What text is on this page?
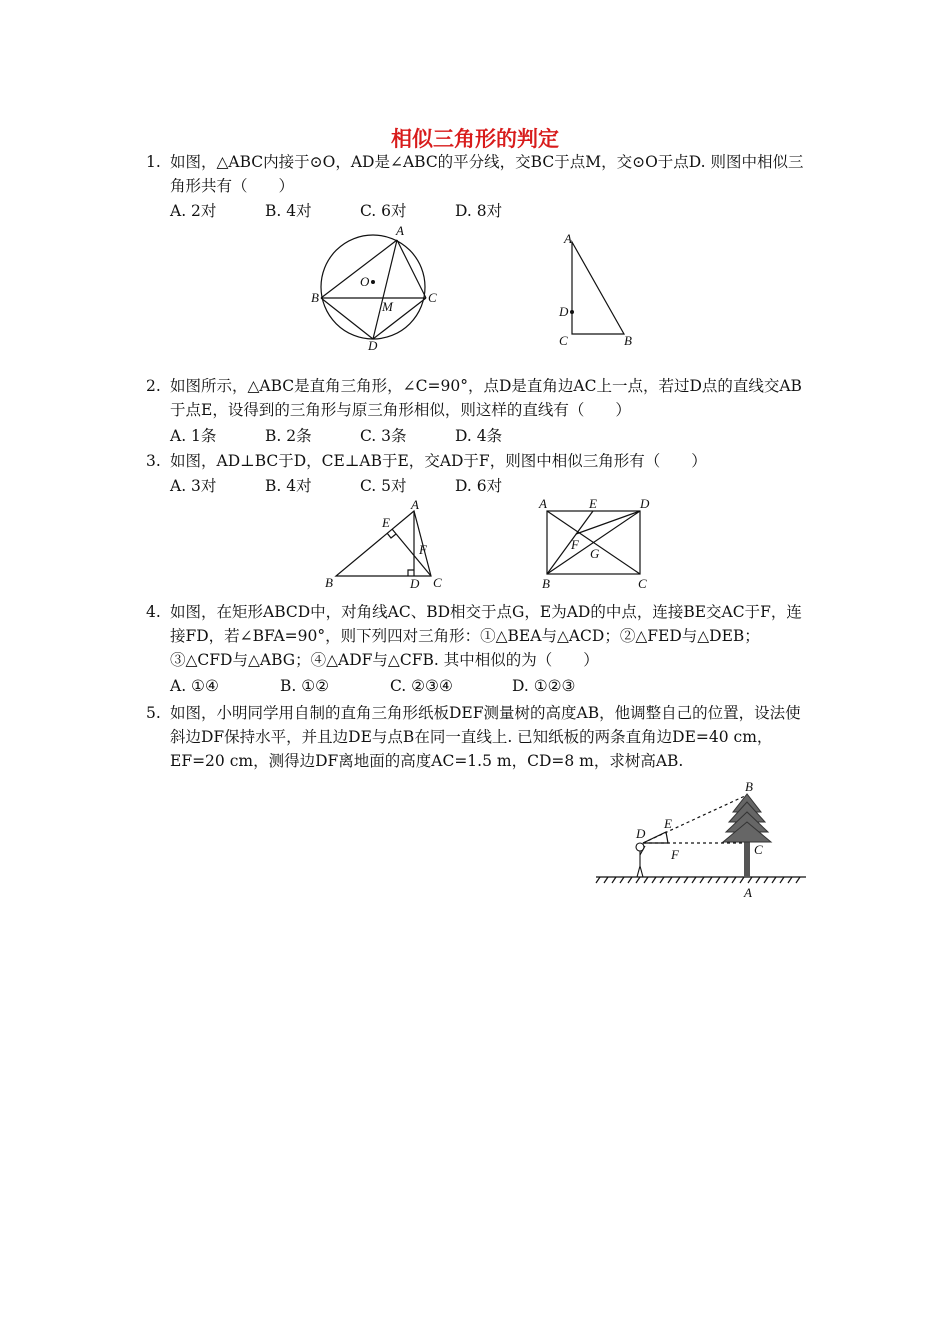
相似三角形的判定
1. 如图，△ABC内接于⊙O，AD是∠ABC的平分线，交BC于点M，交⊙O于点D. 则图中相似三角形共有（　　）
A. 2对	B. 4对	C. 6对	D. 8对
A
B	C
D
O
M
A
D
C	B
2. 如图所示，△ABC是直角三角形，∠C=90°，点D是直角边AC上一点，若过D点的直线交AB于点E，设得到的三角形与原三角形相似，则这样的直线有（　　）
A. 1条	B. 2条	C. 3条	D. 4条
3. 如图，AD⊥BC于D，CE⊥AB于E，交AD于F，则图中相似三角形有（　　）
A. 3对	B. 4对	C. 5对	D. 6对
A
E
F
B	D C
A	E	D
F
G
B	C
4. 如图，在矩形ABCD中，对角线AC、BD相交于点G，E为AD的中点，连接BE交AC于F，连接FD，若∠BFA=90°，则下列四对三角形：①△BEA与△ACD；②△FED与△DEB；③△CFD与△ABG；④△ADF与△CFB. 其中相似的为（　　）
A. ①④	B. ①②	C. ②③④	D. ①②③
5. 如图，小明同学用自制的直角三角形纸板DEF测量树的高度AB，他调整自己的位置，设法使斜边DF保持水平，并且边DE与点B在同一直线上. 已知纸板的两条直角边DE=40 cm，EF=20 cm，测得边DF离地面的高度AC=1.5 m，CD=8 m，求树高AB.
B
D
E
F	C
A
